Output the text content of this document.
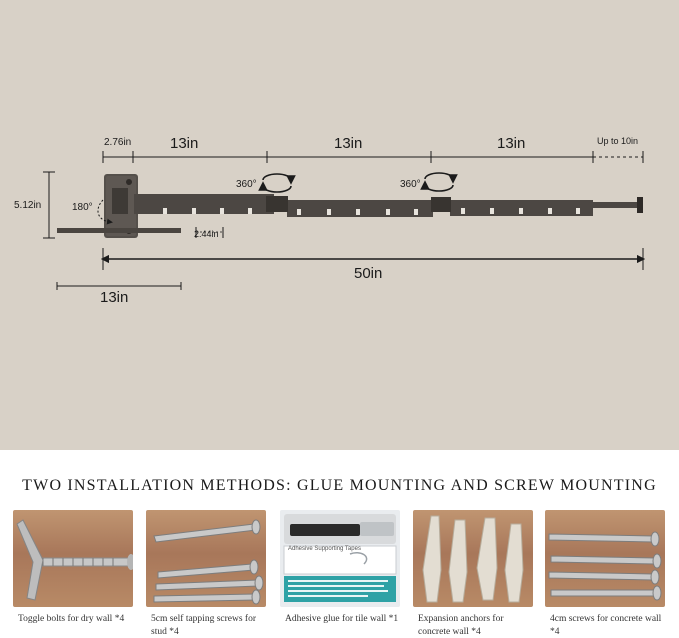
2.76in	13in	13in	13in	Up to 10in
5.12in	180°
2.44in
360°	360°
50in
13in
TWO INSTALLATION METHODS: GLUE MOUNTING AND SCREW MOUNTING
Toggle bolts for dry wall *4	5cm self tapping screws for stud *4
Adhesive Supporting Tapes
Adhesive glue for tile wall *1	Expansion anchors for concrete wall *4
4cm screws for concrete wall *4
